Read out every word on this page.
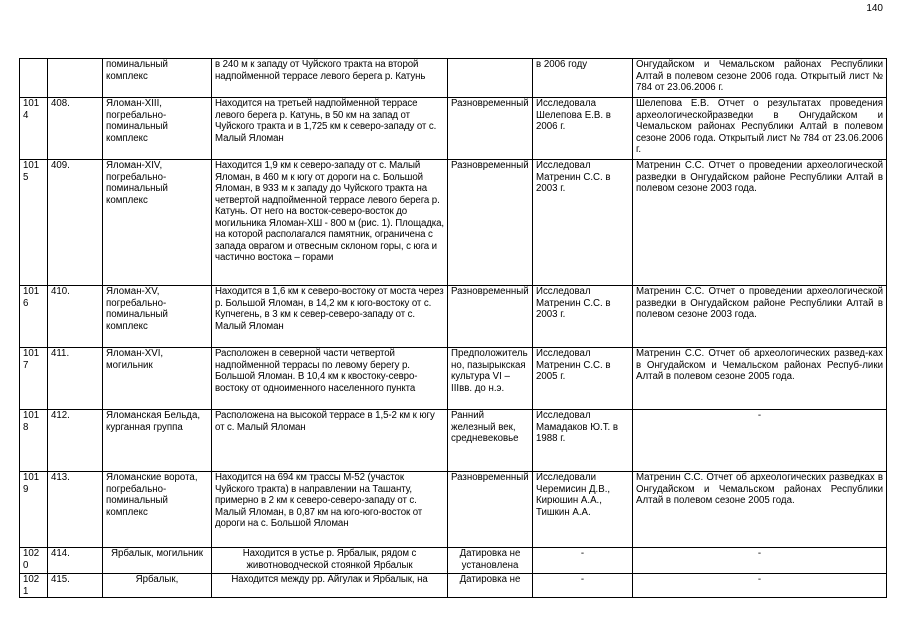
140
		поминальный комплекс	в 240 м к западу от Чуйского тракта на второй надпойменной террасе левого берега р. Катунь		в 2006 году	Онгудайском и Чемальском районах Республики Алтай в полевом сезоне 2006 года. Открытый лист № 784 от 23.06.2006 г.
1014	408.	Яломан-XIII, погребально-поминальный комплекс	Находится на третьей надпойменной террасе левого берега р. Катунь, в 50 км на запад от Чуйского тракта и в 1,725 км к северо-западу от с. Малый Яломан	Разновременный	Исследовала Шелепова Е.В. в 2006 г.	Шелепова Е.В. Отчет о результатах проведения археологическойразведки в Онгудайском и Чемальском районах Республики Алтай в полевом сезоне 2006 года. Открытый лист № 784 от 23.06.2006 г.
1015	409.	Яломан-XIV, погребально-поминальный комплекс	Находится 1,9 км к северо-западу от с. Малый Яломан, в 460 м к югу от дороги на с. Большой Яломан, в 933 м к западу до Чуйского тракта на четвертой надпойменной террасе левого берега р. Катунь. От него на восток-северо-восток до могильника Яломан-ХШ - 800 м (рис. 1). Площадка, на которой располагался памятник, ограничена с запада оврагом и отвесным склоном горы, с юга и частично востока – горами	Разновременный	Исследовал Матренин С.С. в 2003 г.	Матренин С.С. Отчет о проведении археологической разведки в Онгудайском районе Республики Алтай в полевом сезоне 2003 года.
1016	410.	Яломан-XV, погребально-поминальный комплекс	Находится в 1,6 км к северо-востоку от моста через р. Большой Яломан, в 14,2 км к юго-востоку от с. Купчегень, в 3 км к север-северо-западу от с. Малый Яломан	Разновременный	Исследовал Матренин С.С. в 2003 г.	Матренин С.С. Отчет о проведении археологической разведки в Онгудайском районе Республики Алтай в полевом сезоне 2003 года.
1017	411.	Яломан-XVI, могильник	Расположен в северной части четвертой надпойменной террасы по левому берегу р. Большой Яломан. В 10,4 км к квостоку-севро-востоку от одноименного населенного пункта	Предположительно, пазырыкская культура VI – IIIвв. до н.э.	Исследовал Матренин С.С. в 2005 г.	Матренин С.С. Отчет об археологических развед-ках в Онгудайском и Чемальском районах Респуб-лики Алтай в полевом сезоне 2005 года.
1018	412.	Яломанская Бельда, курганная группа	Расположена на высокой террасе в 1,5-2 км к югу от с. Малый Яломан	Ранний железный век, средневековье	Исследовал Мамадаков Ю.Т. в 1988 г.	-
1019	413.	Яломанские ворота, погребально-поминальный комплекс	Находится на 694 км трассы М-52 (участок Чуйского тракта) в направлении на Ташанту, примерно в 2 км к северо-северо-западу от с. Малый Яломан, в 0,87 км на юго-юго-восток от дороги на с. Большой Яломан	Разновременный	Исследовали Черемисин Д.В., Кирюшин А.А., Тишкин А.А.	Матренин С.С. Отчет об археологических разведках в Онгудайском и Чемальском районах Республики Алтай в полевом сезоне 2005 года.
1020	414.	Ярбалык, могильник	Находится в устье р. Ярбалык, рядом с животноводческой стоянкой Ярбалык	Датировка не установлена	-	-
1021	415.	Ярбалык,	Находится между рр. Айгулак и Ярбалык, на	Датировка не	-	-
